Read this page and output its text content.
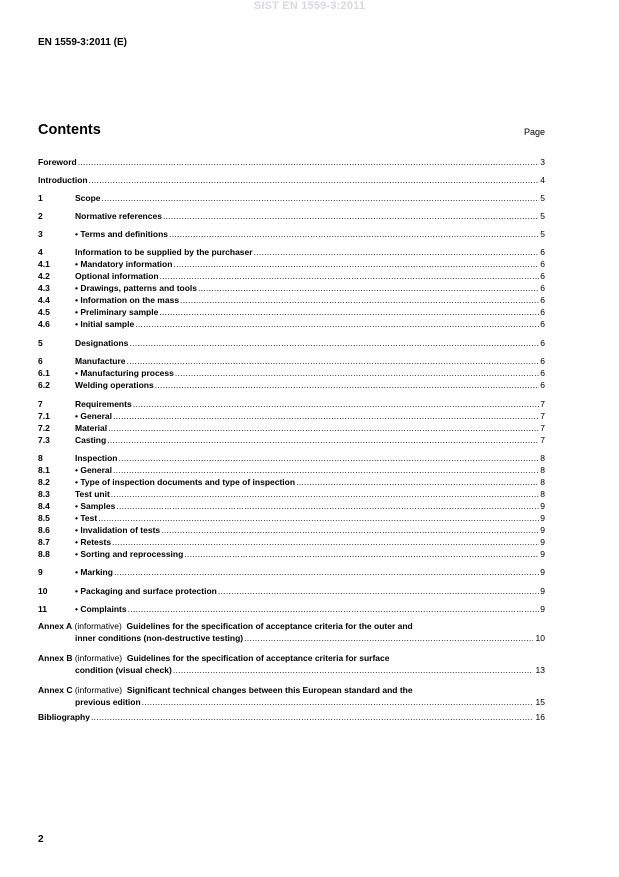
SIST EN 1559-3:2011
EN 1559-3:2011 (E)
Contents	Page
Foreword .....	3
Introduction .....	4
1	Scope .....	5
2	Normative references .....	5
3	• Terms and definitions .....	5
4	Information to be supplied by the purchaser .....	6
4.1	• Mandatory information .....	6
4.2	Optional information .....	6
4.3	• Drawings, patterns and tools .....	6
4.4	• Information on the mass .....	6
4.5	• Preliminary sample .....	6
4.6	• Initial sample .....	6
5	Designations .....	6
6	Manufacture .....	6
6.1	• Manufacturing process .....	6
6.2	Welding operations .....	6
7	Requirements .....	7
7.1	• General .....	7
7.2	Material .....	7
7.3	Casting .....	7
8	Inspection .....	8
8.1	• General .....	8
8.2	• Type of inspection documents and type of inspection .....	8
8.3	Test unit .....	8
8.4	• Samples .....	9
8.5	• Test .....	9
8.6	• Invalidation of tests .....	9
8.7	• Retests .....	9
8.8	• Sorting and reprocessing .....	9
9	• Marking .....	9
10	• Packaging and surface protection .....	9
11	• Complaints .....	9
Annex A (informative) Guidelines for the specification of acceptance criteria for the outer and
inner conditions (non-destructive testing) .....	10
Annex B (informative) Guidelines for the specification of acceptance criteria for surface
condition (visual check) .....	13
Annex C (informative) Significant technical changes between this European standard and the
previous edition .....	15
Bibliography .....	16
2
